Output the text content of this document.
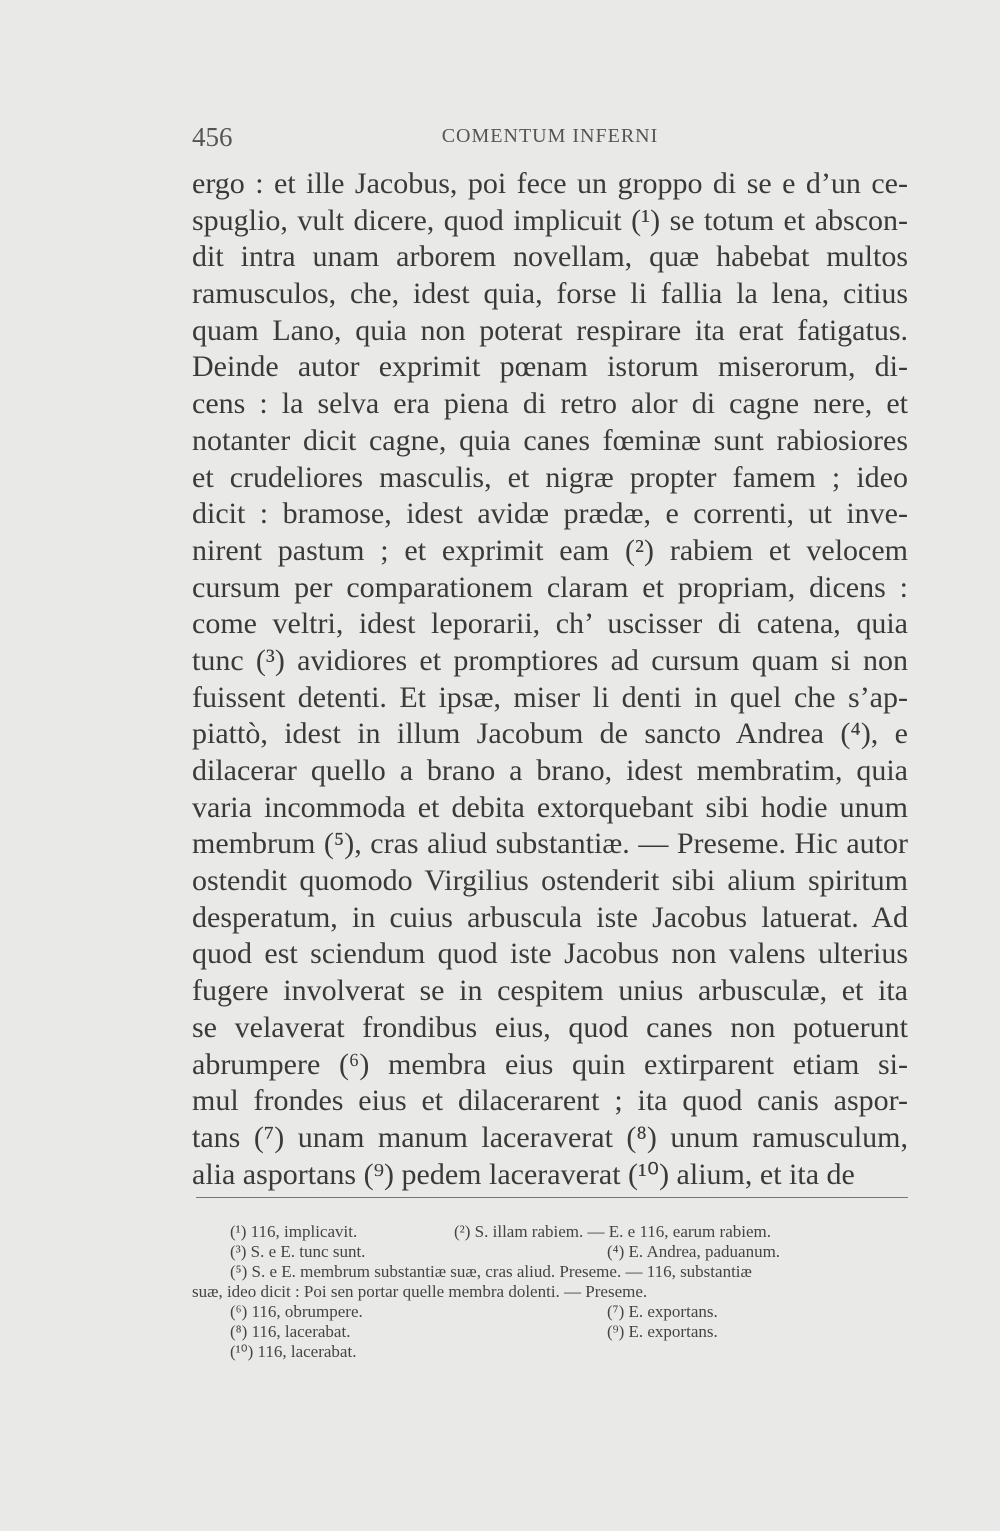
456	COMENTUM INFERNI
ergo : et ille Jacobus, poi fece un groppo di se e d’un ce-
spuglio, vult dicere, quod implicuit (¹) se totum et abscon-
dit intra unam arborem novellam, quæ habebat multos
ramusculos, che, idest quia, forse li fallia la lena, citius
quam Lano, quia non poterat respirare ita erat fatigatus.
Deinde autor exprimit pœnam istorum miserorum, di-
cens : la selva era piena di retro alor di cagne nere, et
notanter dicit cagne, quia canes fœminæ sunt rabiosiores
et crudeliores masculis, et nigræ propter famem ; ideo
dicit : bramose, idest avidæ prædæ, e correnti, ut inve-
nirent pastum ; et exprimit eam (²) rabiem et velocem
cursum per comparationem claram et propriam, dicens :
come veltri, idest leporarii, ch’ uscisser di catena, quia
tunc (³) avidiores et promptiores ad cursum quam si non
fuissent detenti. Et ipsæ, miser li denti in quel che s’ap-
piattò, idest in illum Jacobum de sancto Andrea (⁴), e
dilacerar quello a brano a brano, idest membratim, quia
varia incommoda et debita extorquebant sibi hodie unum
membrum (⁵), cras aliud substantiæ. — Preseme. Hic autor
ostendit quomodo Virgilius ostenderit sibi alium spiritum
desperatum, in cuius arbuscula iste Jacobus latuerat. Ad
quod est sciendum quod iste Jacobus non valens ulterius
fugere involverat se in cespitem unius arbusculæ, et ita
se velaverat frondibus eius, quod canes non potuerunt
abrumpere (⁶) membra eius quin extirparent etiam si-
mul frondes eius et dilacerarent ; ita quod canis aspor-
tans (⁷) unam manum laceraverat (⁸) unum ramusculum,
alia asportans (⁹) pedem laceraverat (¹⁰) alium, et ita de
(¹) 116, implicavit.	(²) S. illam rabiem. — E. e 116, earum rabiem.
(³) S. e E. tunc sunt.	(⁴) E. Andrea, paduanum.
(⁵) S. e E. membrum substantiæ suæ, cras aliud. Preseme. — 116, substantiæ
suæ, ideo dicit : Poi sen portar quelle membra dolenti. — Preseme.
(⁶) 116, obrumpere.	(⁷) E. exportans.
(⁸) 116, lacerabat.	(⁹) E. exportans.
(¹⁰) 116, lacerabat.
